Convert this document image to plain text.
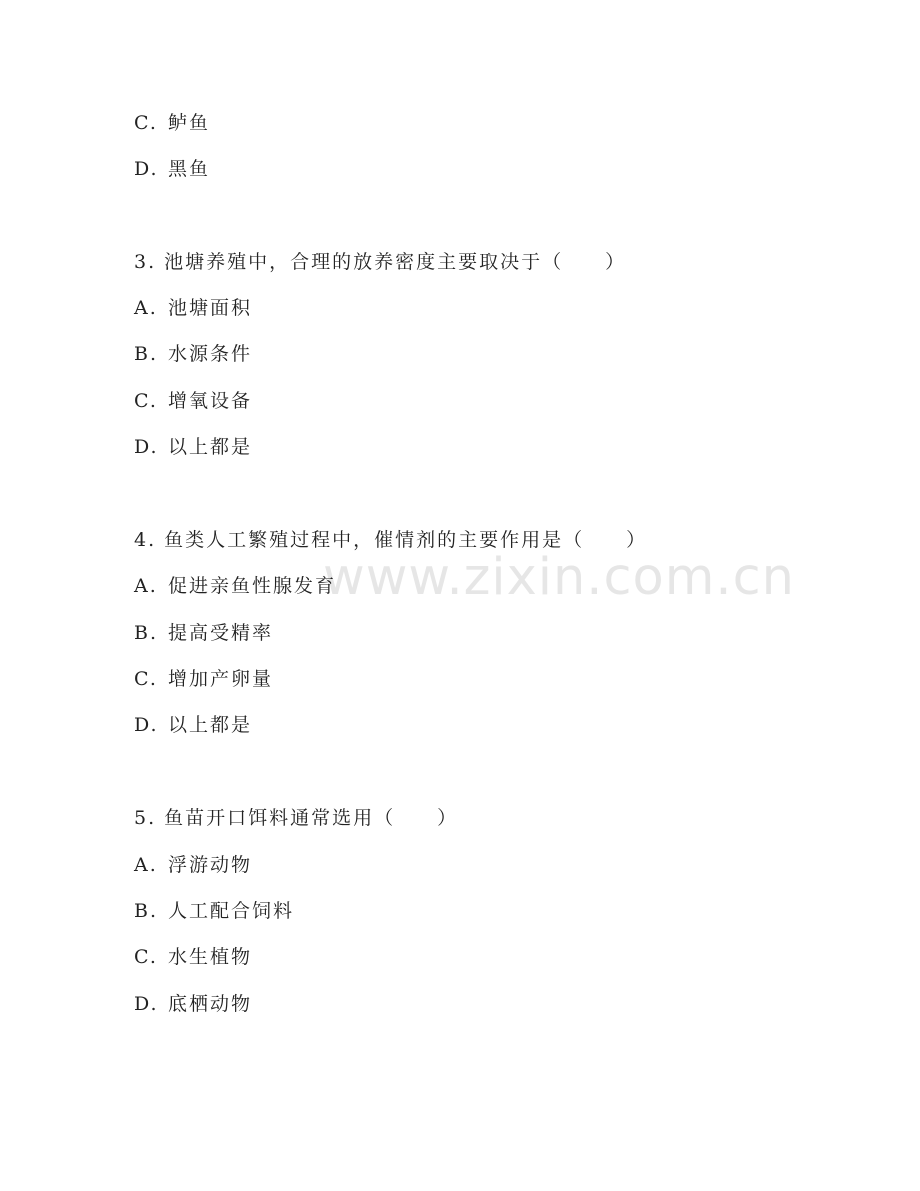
www.zixin.com.cn
C. 鲈鱼
D. 黑鱼
3. 池塘养殖中，合理的放养密度主要取决于（　　）
A. 池塘面积
B. 水源条件
C. 增氧设备
D. 以上都是
4. 鱼类人工繁殖过程中，催情剂的主要作用是（　　）
A. 促进亲鱼性腺发育
B. 提高受精率
C. 增加产卵量
D. 以上都是
5. 鱼苗开口饵料通常选用（　　）
A. 浮游动物
B. 人工配合饲料
C. 水生植物
D. 底栖动物
